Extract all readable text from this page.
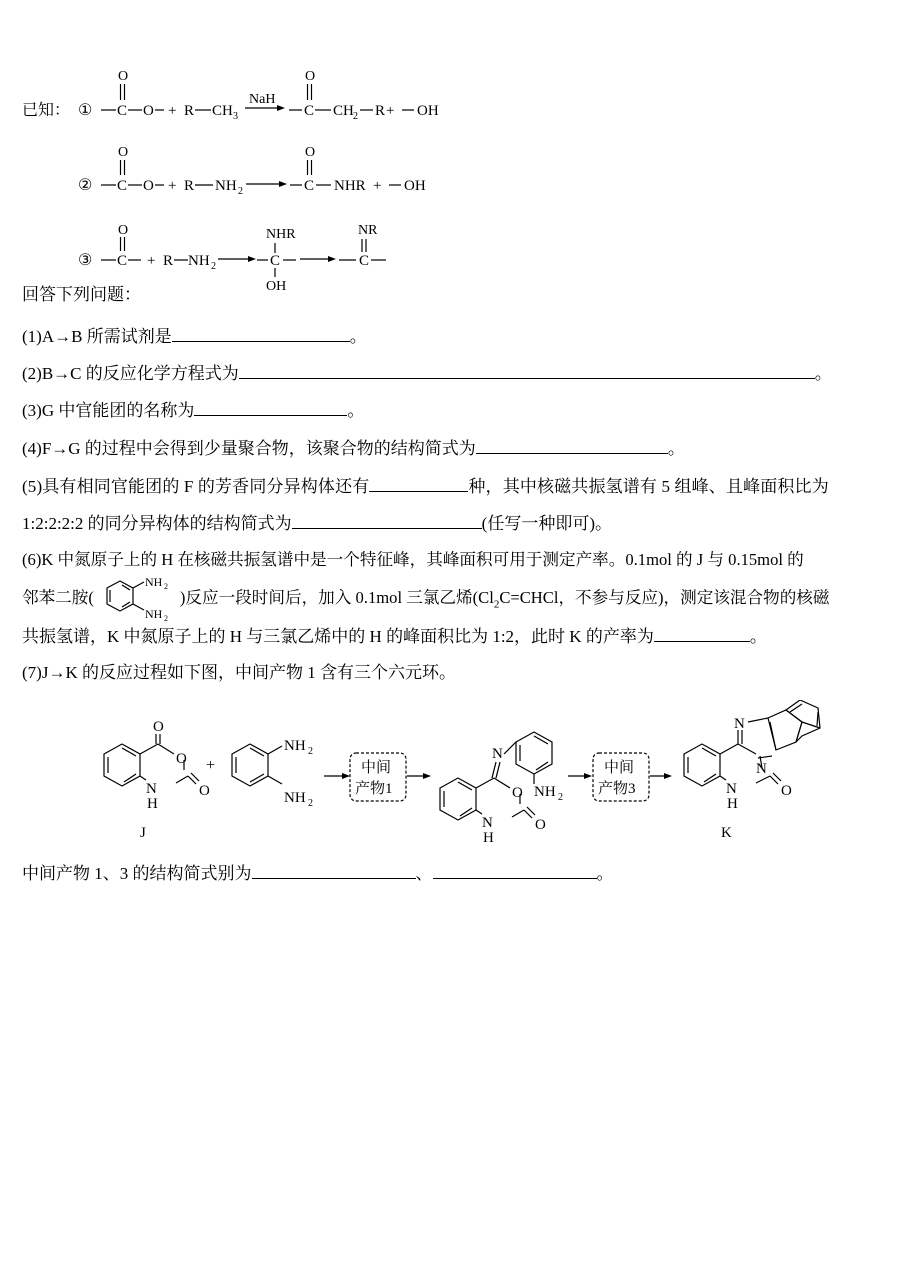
已知： ①
O
C O + R CH 3
NaH
O
C CH 2 R + OH
②
O
C O + R NH 2
O
C NHR + OH
③
O
C + R NH 2
NHR
C
OH
NR
C
回答下列问题：
(1)A→B 所需试剂是	。
(2)B→C 的反应化学方程式为	。
(3)G 中官能团的名称为	。
(4)F→G 的过程中会得到少量聚合物，该聚合物的结构简式为	。
(5)具有相同官能团的 F 的芳香同分异构体还有	种，其中核磁共振氢谱有 5 组峰、且峰面积比为
1:2:2:2:2 的同分异构体的结构简式为	(任写一种即可)。
(6)K 中氮原子上的 H 在核磁共振氢谱中是一个特征峰，其峰面积可用于测定产率。0.1mol 的 J 与 0.15mol 的
邻苯二胺(	)反应一段时间后，加入 0.1mol 三氯乙烯($Cl_2C=CHCl$，不参与反应)，测定该混合物的核磁
NH 2
NH 2
共振氢谱，K 中氮原子上的 H 与三氯乙烯中的 H 的峰面积比为 1:2，此时 K 的产率为	。
(7)J→K 的反应过程如下图，中间产物 1 含有三个六元环。
O
O
O
N
H
J
+
NH 2
NH 2
中间
产物1
N
NH 2
O
O
N
H
中间
产物3
N
N
O
N
H
K
中间产物 1、3 的结构简式别为	、	。
